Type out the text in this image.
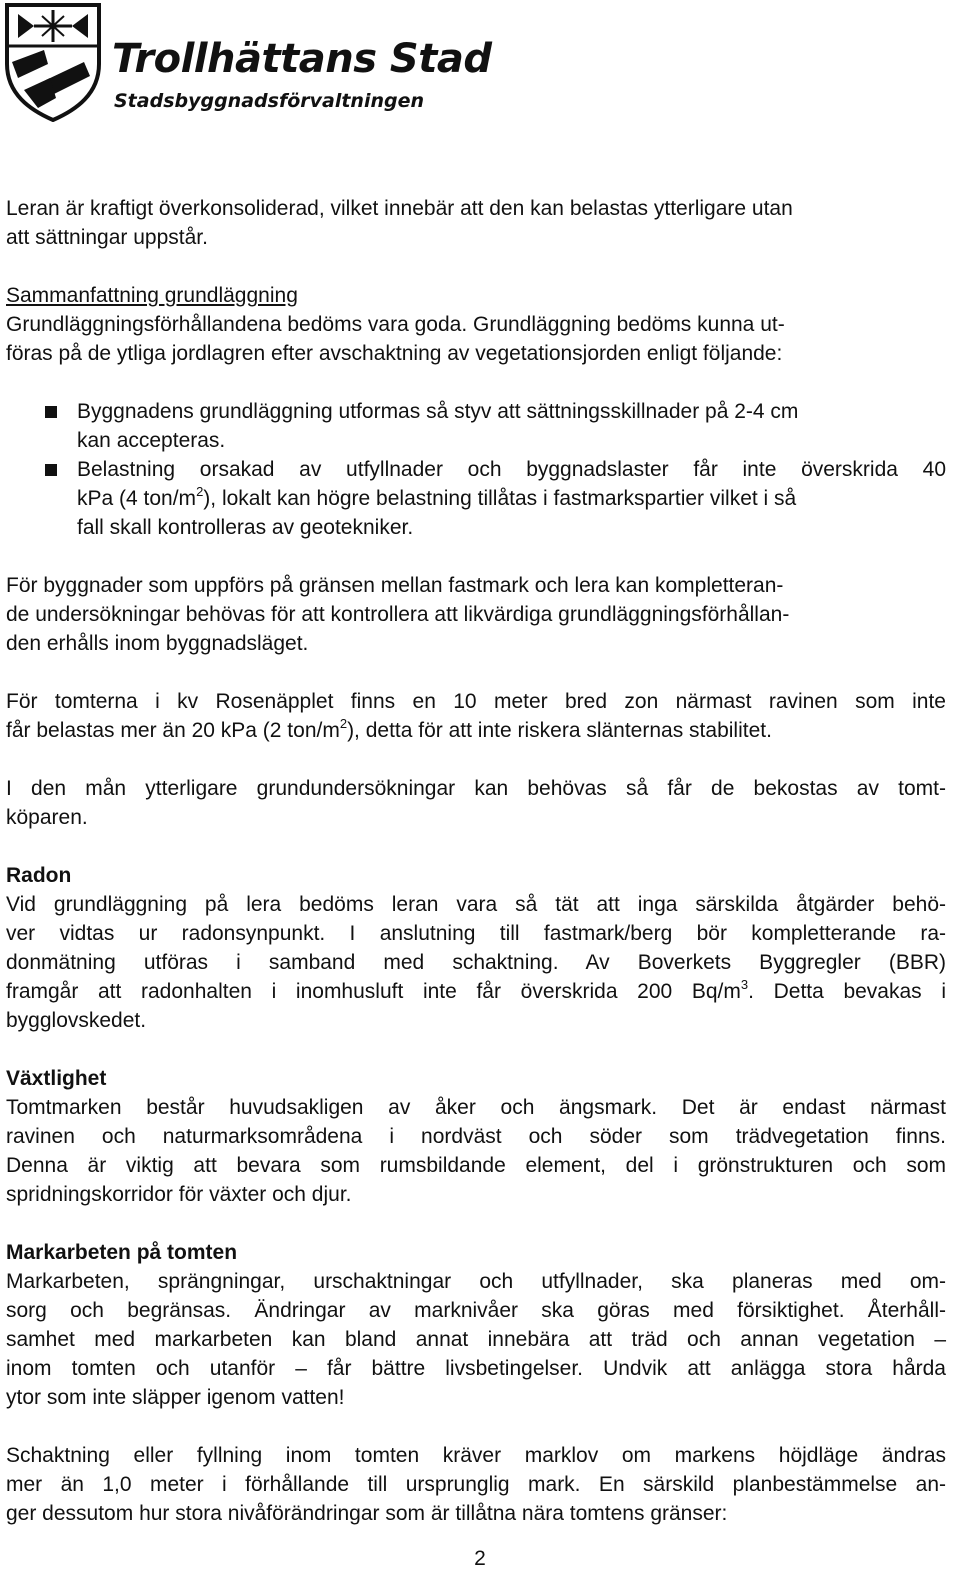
Trollhättans Stad
Stadsbyggnadsförvaltningen

Leran är kraftigt överkonsoliderad, vilket innebär att den kan belastas ytterligare utan
att sättningar uppstår.

Sammanfattning grundläggning
Grundläggningsförhållandena bedöms vara goda. Grundläggning bedöms kunna ut-
föras på de ytliga jordlagren efter avschaktning av vegetationsjorden enligt följande:

Byggnadens grundläggning utformas så styv att sättningsskillnader på 2-4 cm
kan accepteras.
Belastning orsakad av utfyllnader och byggnadslaster får inte överskrida 40
kPa (4 ton/$m^2$), lokalt kan högre belastning tillåtas i fastmarkspartier vilket i så
fall skall kontrolleras av geotekniker.

För byggnader som uppförs på gränsen mellan fastmark och lera kan kompletteran-
de undersökningar behövas för att kontrollera att likvärdiga grundläggningsförhållan-
den erhålls inom byggnadsläget.

För tomterna i kv Rosenäpplet finns en 10 meter bred zon närmast ravinen som inte
får belastas mer än 20 kPa (2 ton/$m^2$), detta för att inte riskera slänternas stabilitet.

I den mån ytterligare grundundersökningar kan behövas så får de bekostas av tomt-
köparen.

Radon
Vid grundläggning på lera bedöms leran vara så tät att inga särskilda åtgärder behö-
ver vidtas ur radonsynpunkt. I anslutning till fastmark/berg bör kompletterande ra-
donmätning utföras i samband med schaktning. Av Boverkets Byggregler (BBR)
framgår att radonhalten i inomhusluft inte får överskrida 200 $Bq/m^3$. Detta bevakas i
bygglovskedet.

Växtlighet
Tomtmarken består huvudsakligen av åker och ängsmark. Det är endast närmast
ravinen och naturmarksområdena i nordväst och söder som trädvegetation finns.
Denna är viktig att bevara som rumsbildande element, del i grönstrukturen och som
spridningskorridor för växter och djur.

Markarbeten på tomten
Markarbeten, sprängningar, urschaktningar och utfyllnader, ska planeras med om-
sorg och begränsas. Ändringar av marknivåer ska göras med försiktighet. Återhåll-
samhet med markarbeten kan bland annat innebära att träd och annan vegetation –
inom tomten och utanför – får bättre livsbetingelser. Undvik att anlägga stora hårda
ytor som inte släpper igenom vatten!

Schaktning eller fyllning inom tomten kräver marklov om markens höjdläge ändras
mer än 1,0 meter i förhållande till ursprunglig mark. En särskild planbestämmelse an-
ger dessutom hur stora nivåförändringar som är tillåtna nära tomtens gränser:

2
